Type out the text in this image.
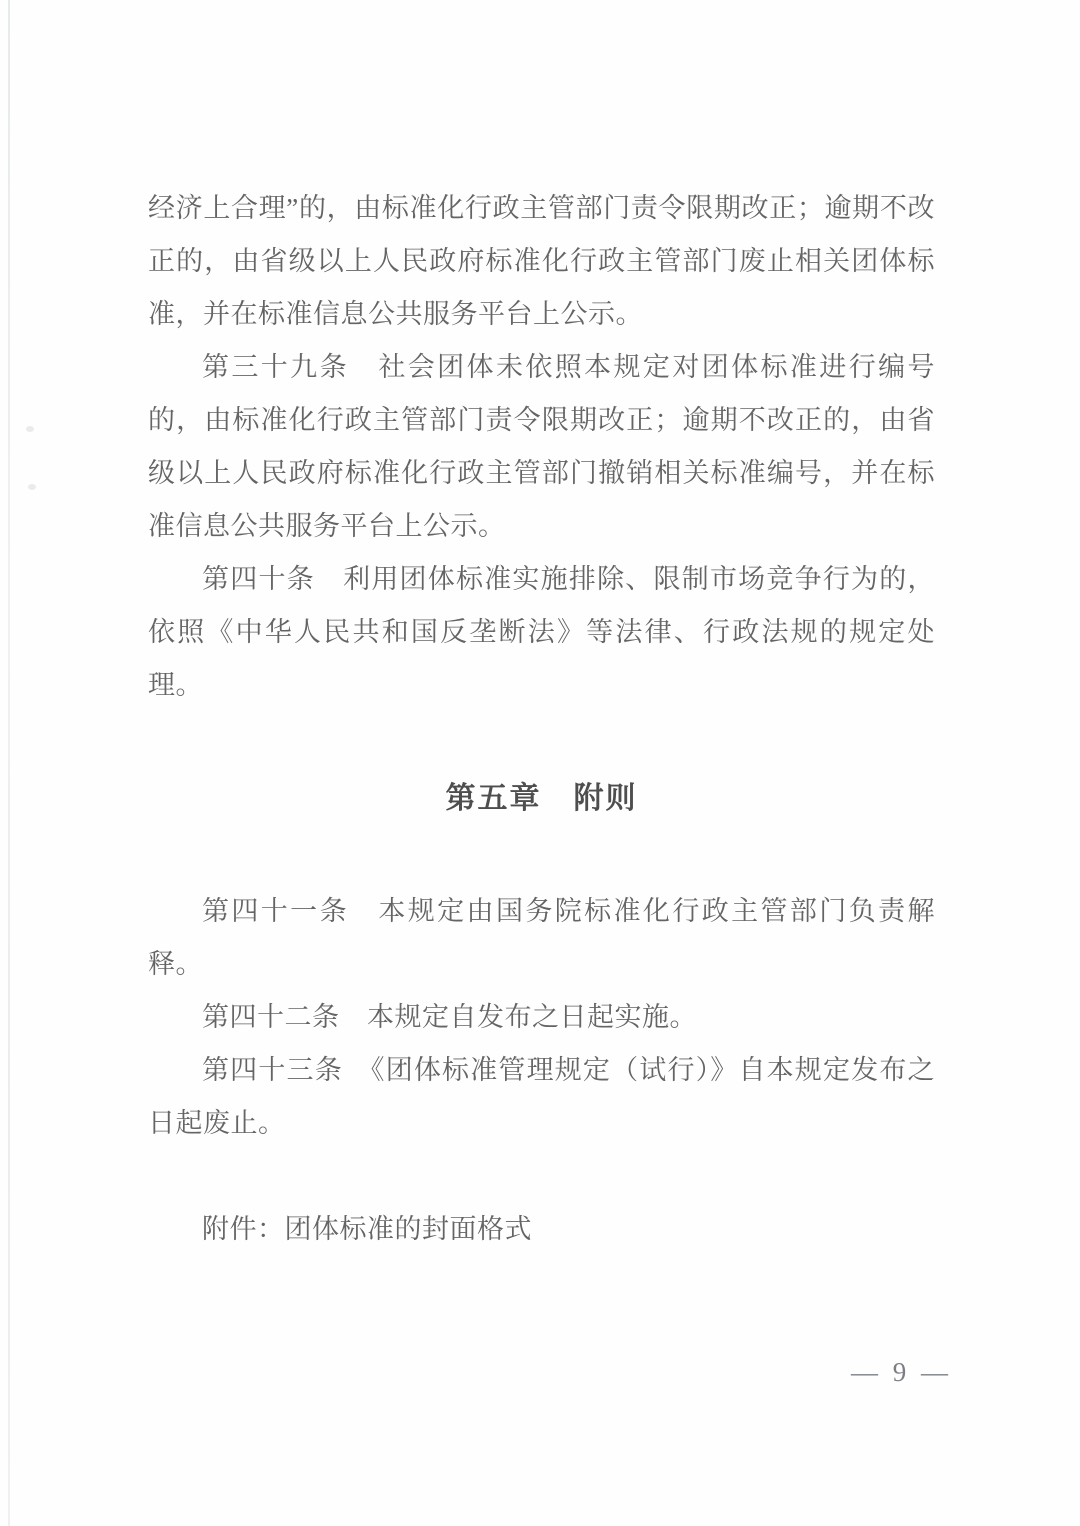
经济上合理”的，由标准化行政主管部门责令限期改正；逾期不改正的，由省级以上人民政府标准化行政主管部门废止相关团体标准，并在标准信息公共服务平台上公示。

第三十九条　社会团体未依照本规定对团体标准进行编号的，由标准化行政主管部门责令限期改正；逾期不改正的，由省级以上人民政府标准化行政主管部门撤销相关标准编号，并在标准信息公共服务平台上公示。

第四十条　利用团体标准实施排除、限制市场竞争行为的，依照《中华人民共和国反垄断法》等法律、行政法规的规定处理。

第五章　附则

第四十一条　本规定由国务院标准化行政主管部门负责解释。

第四十二条　本规定自发布之日起实施。

第四十三条　《团体标准管理规定（试行）》自本规定发布之日起废止。

附件：团体标准的封面格式

— 9 —
